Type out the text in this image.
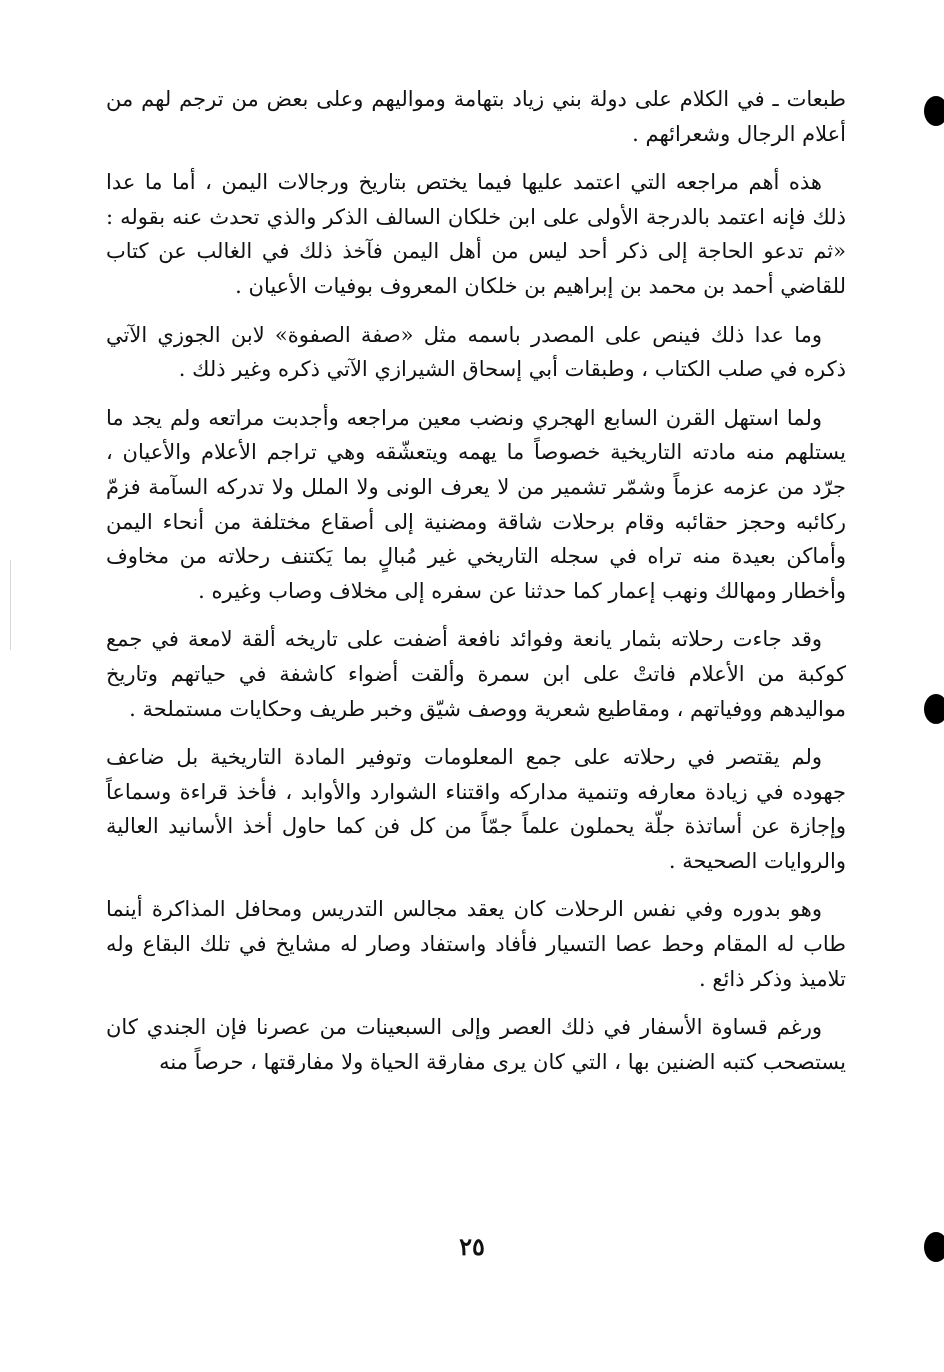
طبعات ـ في الكلام على دولة بني زياد بتهامة ومواليهم وعلى بعض من ترجم لهم من أعلام الرجال وشعرائهم .

هذه أهم مراجعه التي اعتمد عليها فيما يختص بتاريخ ورجالات اليمن ، أما ما عدا ذلك فإنه اعتمد بالدرجة الأولى على ابن خلكان السالف الذكر والذي تحدث عنه بقوله : «ثم تدعو الحاجة إلى ذكر أحد ليس من أهل اليمن فآخذ ذلك في الغالب عن كتاب للقاضي أحمد بن محمد بن إبراهيم بن خلكان المعروف بوفيات الأعيان .

وما عدا ذلك فينص على المصدر باسمه مثل «صفة الصفوة» لابن الجوزي الآتي ذكره في صلب الكتاب ، وطبقات أبي إسحاق الشيرازي الآتي ذكره وغير ذلك .

ولما استهل القرن السابع الهجري ونضب معين مراجعه وأجدبت مراتعه ولم يجد ما يستلهم منه مادته التاريخية خصوصاً ما يهمه ويتعشّقه وهي تراجم الأعلام والأعيان ، جرّد من عزمه عزماً وشمّر تشمير من لا يعرف الونى ولا الملل ولا تدركه السآمة فزمّ ركائبه وحجز حقائبه وقام برحلات شاقة ومضنية إلى أصقاع مختلفة من أنحاء اليمن وأماكن بعيدة منه تراه في سجله التاريخي غير مُبالٍ بما يَكتنف رحلاته من مخاوف وأخطار ومهالك ونهب إعمار كما حدثنا عن سفره إلى مخلاف وصاب وغيره .

وقد جاءت رحلاته بثمار يانعة وفوائد نافعة أضفت على تاريخه ألقة لامعة في جمع كوكبة من الأعلام فاتتْ على ابن سمرة وألقت أضواء كاشفة في حياتهم وتاريخ مواليدهم ووفياتهم ، ومقاطيع شعرية ووصف شيّق وخبر طريف وحكايات مستملحة .

ولم يقتصر في رحلاته على جمع المعلومات وتوفير المادة التاريخية بل ضاعف جهوده في زيادة معارفه وتنمية مداركه واقتناء الشوارد والأوابد ، فأخذ قراءة وسماعاً وإجازة عن أساتذة جلّة يحملون علماً جمّاً من كل فن كما حاول أخذ الأسانيد العالية والروايات الصحيحة .

وهو بدوره وفي نفس الرحلات كان يعقد مجالس التدريس ومحافل المذاكرة أينما طاب له المقام وحط عصا التسيار فأفاد واستفاد وصار له مشايخ في تلك البقاع وله تلاميذ وذكر ذائع .

ورغم قساوة الأسفار في ذلك العصر وإلى السبعينات من عصرنا فإن الجندي كان يستصحب كتبه الضنين بها ، التي كان يرى مفارقة الحياة ولا مفارقتها ، حرصاً منه

٢٥
